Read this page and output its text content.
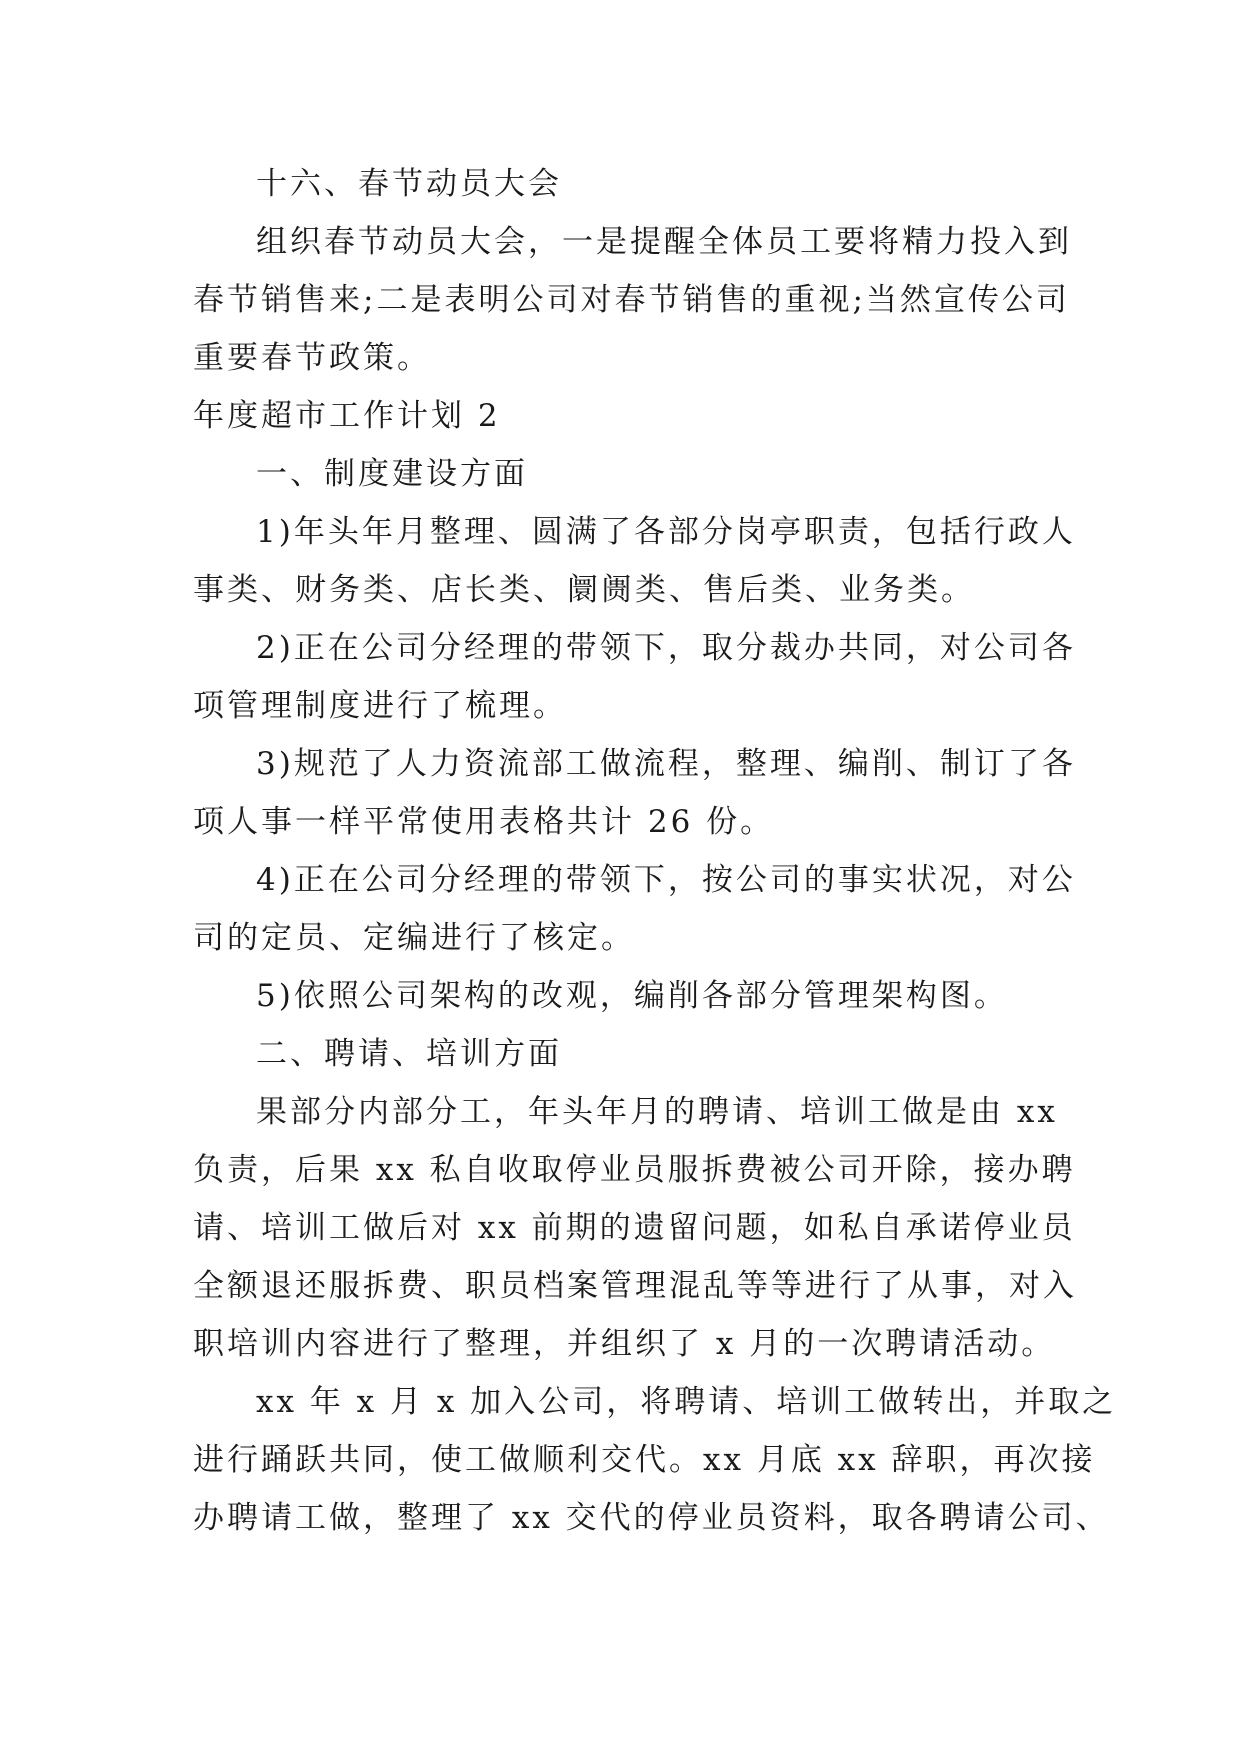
十六、春节动员大会
组织春节动员大会，一是提醒全体员工要将精力投入到
春节销售来;二是表明公司对春节销售的重视;当然宣传公司
重要春节政策。
年度超市工作计划 2
一、制度建设方面
1)年头年月整理、圆满了各部分岗亭职责，包括行政人
事类、财务类、店长类、阛阓类、售后类、业务类。
2)正在公司分经理的带领下，取分裁办共同，对公司各
项管理制度进行了梳理。
3)规范了人力资流部工做流程，整理、编削、制订了各
项人事一样平常使用表格共计 26 份。
4)正在公司分经理的带领下，按公司的事实状况，对公
司的定员、定编进行了核定。
5)依照公司架构的改观，编削各部分管理架构图。
二、聘请、培训方面
果部分内部分工，年头年月的聘请、培训工做是由 xx
负责，后果 xx 私自收取停业员服拆费被公司开除，接办聘
请、培训工做后对 xx 前期的遗留问题，如私自承诺停业员
全额退还服拆费、职员档案管理混乱等等进行了从事，对入
职培训内容进行了整理，并组织了 x 月的一次聘请活动。
xx 年 x 月 x 加入公司，将聘请、培训工做转出，并取之
进行踊跃共同，使工做顺利交代。xx 月底 xx 辞职，再次接
办聘请工做，整理了 xx 交代的停业员资料，取各聘请公司、
